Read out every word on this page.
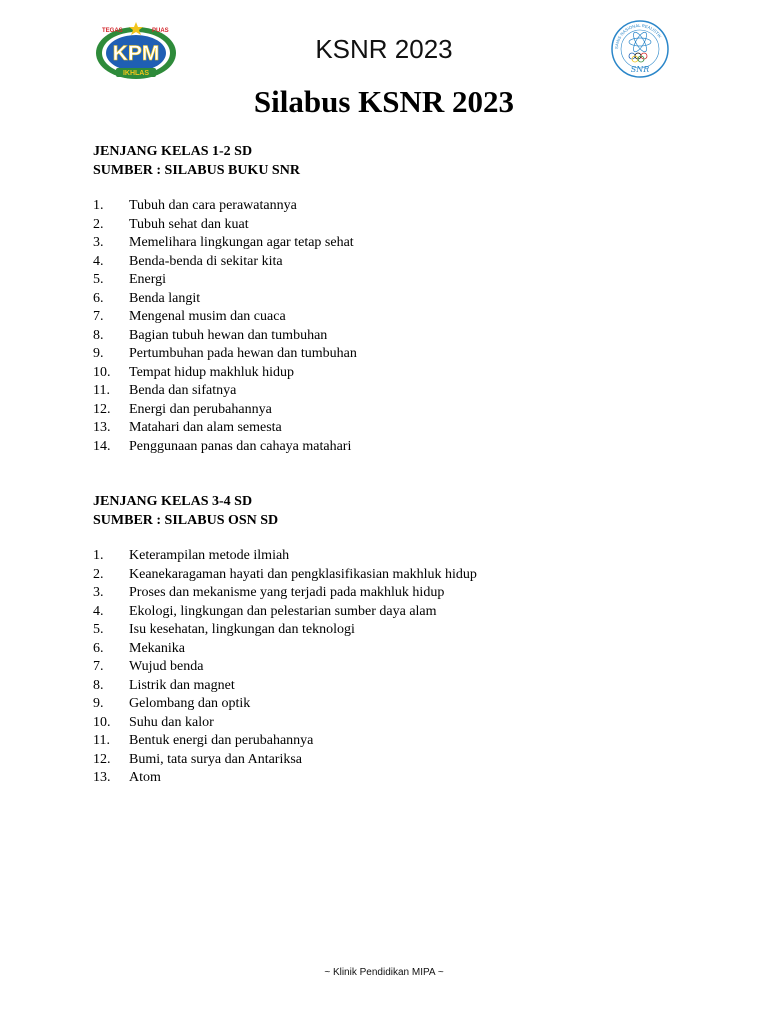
TEGAS	PUAS
KPM
IKHLAS
KSNR 2023	SAINS NASIONAL REALISTIK
SNR
Silabus KSNR 2023

JENJANG KELAS 1-2 SD

SUMBER : SILABUS BUKU SNR

1.	Tubuh dan cara perawatannya
2.	Tubuh sehat dan kuat
3.	Memelihara lingkungan agar tetap sehat
4.	Benda-benda di sekitar kita
5.	Energi
6.	Benda langit
7.	Mengenal musim dan cuaca
8.	Bagian tubuh hewan dan tumbuhan
9.	Pertumbuhan pada hewan dan tumbuhan
10.	Tempat hidup makhluk hidup
11.	Benda dan sifatnya
12.	Energi dan perubahannya
13.	Matahari dan alam semesta
14.	Penggunaan panas dan cahaya matahari

JENJANG KELAS 3-4 SD

SUMBER : SILABUS OSN SD

1.	Keterampilan metode ilmiah
2.	Keanekaragaman hayati dan pengklasifikasian makhluk hidup
3.	Proses dan mekanisme yang terjadi pada makhluk hidup
4.	Ekologi, lingkungan dan pelestarian sumber daya alam
5.	Isu kesehatan, lingkungan dan teknologi
6.	Mekanika
7.	Wujud benda
8.	Listrik dan magnet
9.	Gelombang dan optik
10.	Suhu dan kalor
11.	Bentuk energi dan perubahannya
12.	Bumi, tata surya dan Antariksa
13.	Atom
~ Klinik Pendidikan MIPA ~
